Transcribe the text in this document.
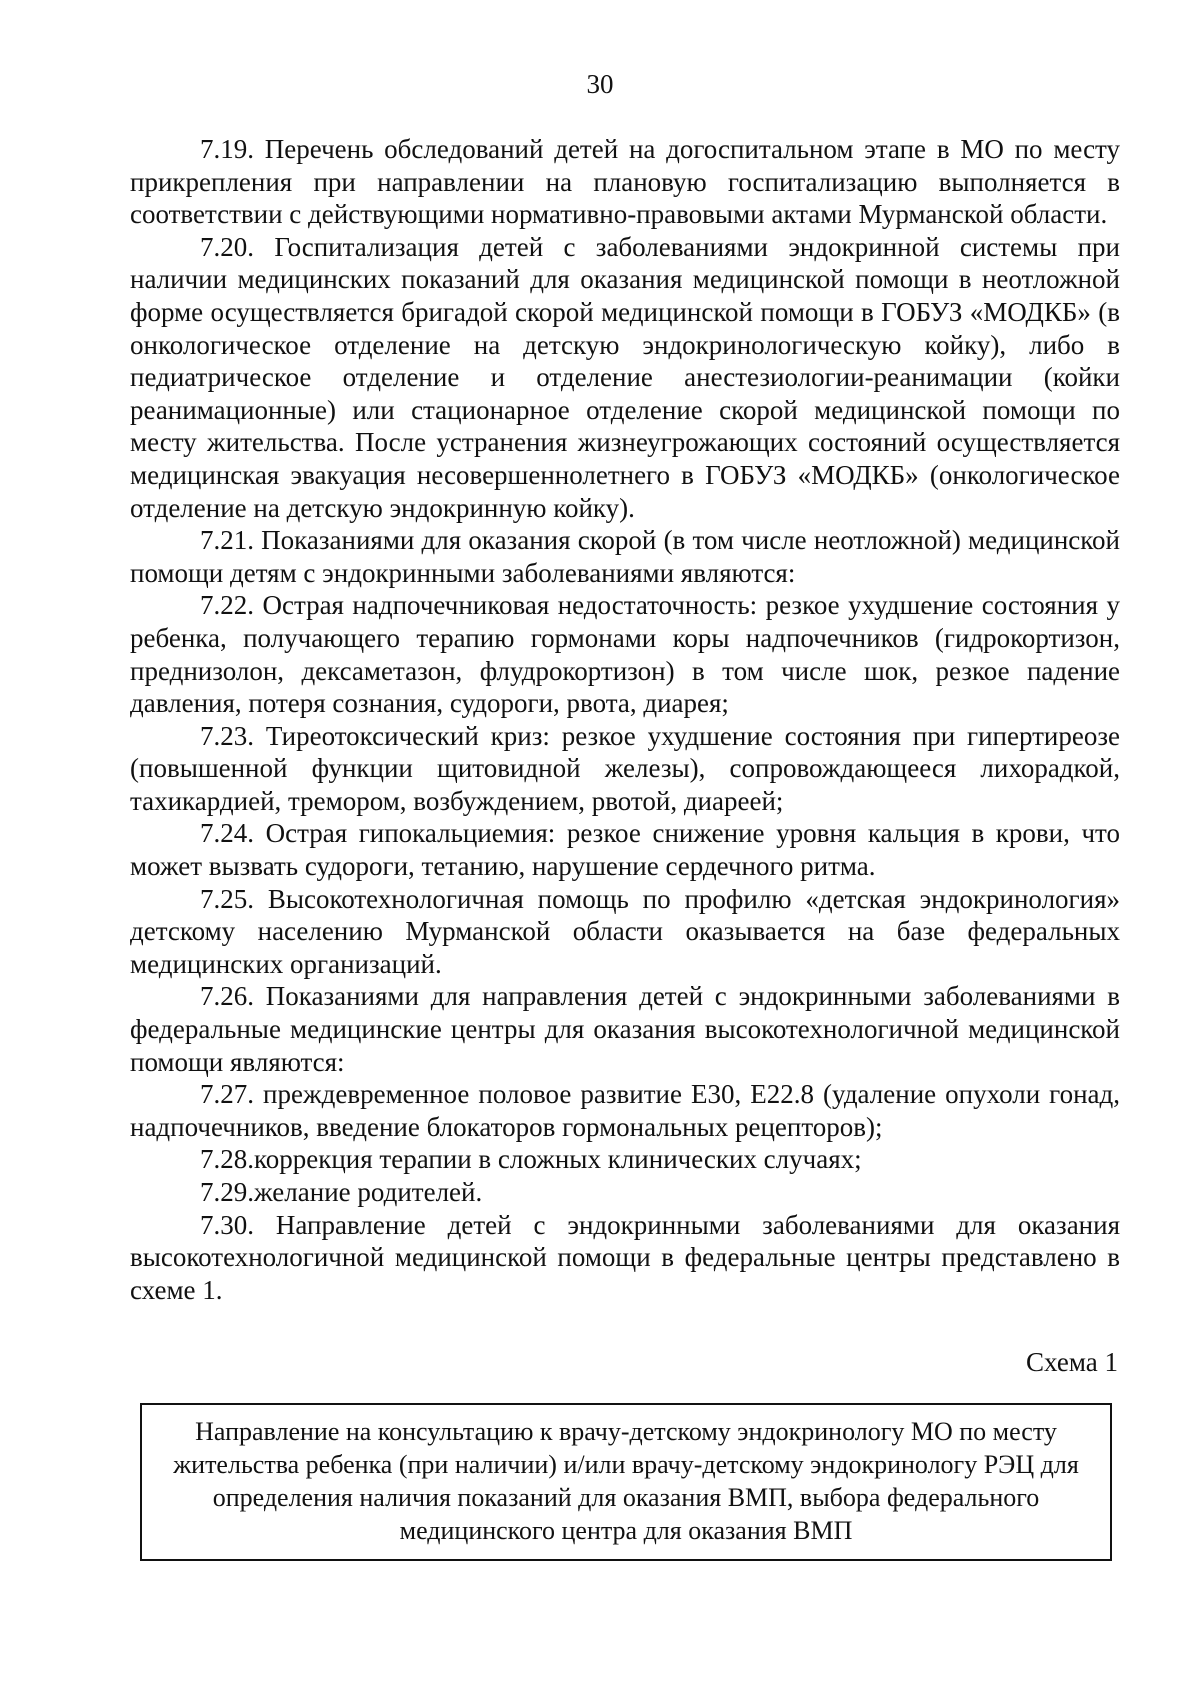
30

7.19. Перечень обследований детей на догоспитальном этапе в МО по месту прикрепления при направлении на плановую госпитализацию выполняется в соответствии с действующими нормативно-правовыми актами Мурманской области.

7.20. Госпитализация детей с заболеваниями эндокринной системы при наличии медицинских показаний для оказания медицинской помощи в неотложной форме осуществляется бригадой скорой медицинской помощи в ГОБУЗ «МОДКБ» (в онкологическое отделение на детскую эндокринологическую койку), либо в педиатрическое отделение и отделение анестезиологии-реанимации (койки реанимационные) или стационарное отделение скорой медицинской помощи по месту жительства. После устранения жизнеугрожающих состояний осуществляется медицинская эвакуация несовершеннолетнего в ГОБУЗ «МОДКБ» (онкологическое отделение на детскую эндокринную койку).

7.21. Показаниями для оказания скорой (в том числе неотложной) медицинской помощи детям с эндокринными заболеваниями являются:

7.22. Острая надпочечниковая недостаточность: резкое ухудшение состояния у ребенка, получающего терапию гормонами коры надпочечников (гидрокортизон, преднизолон, дексаметазон, флудрокортизон) в том числе шок, резкое падение давления, потеря сознания, судороги, рвота, диарея;

7.23. Тиреотоксический криз: резкое ухудшение состояния при гипертиреозе (повышенной функции щитовидной железы), сопровождающееся лихорадкой, тахикардией, тремором, возбуждением, рвотой, диареей;

7.24. Острая гипокальциемия: резкое снижение уровня кальция в крови, что может вызвать судороги, тетанию, нарушение сердечного ритма.

7.25. Высокотехнологичная помощь по профилю «детская эндокринология» детскому населению Мурманской области оказывается на базе федеральных медицинских организаций.

7.26. Показаниями для направления детей с эндокринными заболеваниями в федеральные медицинские центры для оказания высокотехнологичной медицинской помощи являются:

7.27. преждевременное половое развитие Е30, Е22.8 (удаление опухоли гонад, надпочечников, введение блокаторов гормональных рецепторов);

7.28.коррекция терапии в сложных клинических случаях;

7.29.желание родителей.

7.30. Направление детей с эндокринными заболеваниями для оказания высокотехнологичной медицинской помощи в федеральные центры представлено в схеме 1.

Схема 1

Направление на консультацию к врачу-детскому эндокринологу МО по месту жительства ребенка (при наличии) и/или врачу-детскому эндокринологу РЭЦ для определения наличия показаний для оказания ВМП, выбора федерального медицинского центра для оказания ВМП
